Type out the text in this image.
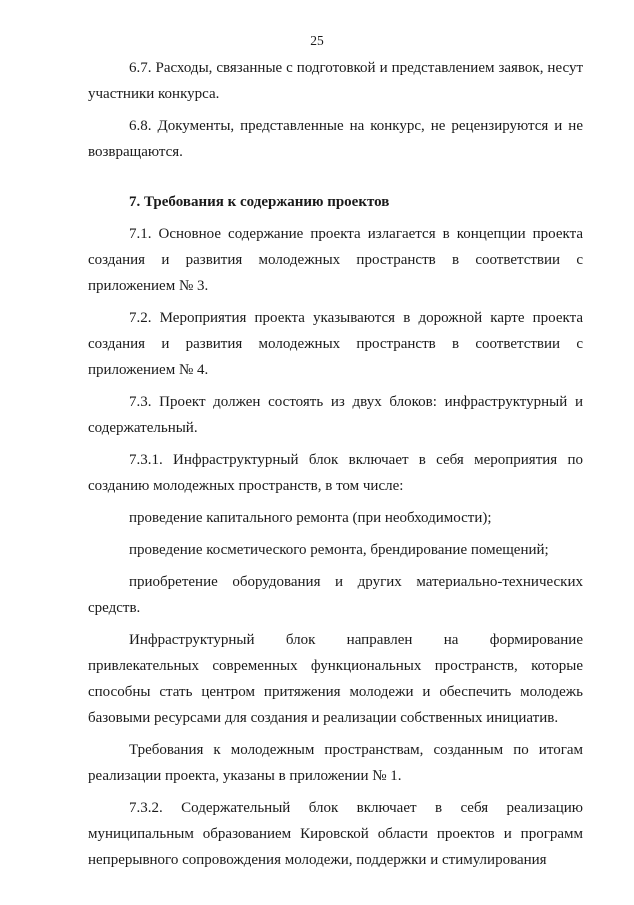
25

6.7. Расходы, связанные с подготовкой и представлением заявок, несут участники конкурса.

6.8. Документы, представленные на конкурс, не рецензируются и не возвращаются.

7. Требования к содержанию проектов

7.1. Основное содержание проекта излагается в концепции проекта создания и развития молодежных пространств в соответствии с приложением № 3.

7.2. Мероприятия проекта указываются в дорожной карте проекта создания и развития молодежных пространств в соответствии с приложением № 4.

7.3. Проект должен состоять из двух блоков: инфраструктурный и содержательный.

7.3.1. Инфраструктурный блок включает в себя мероприятия по созданию молодежных пространств, в том числе:

проведение капитального ремонта (при необходимости);

проведение косметического ремонта, брендирование помещений;

приобретение оборудования и других материально-технических средств.

Инфраструктурный блок направлен на формирование привлекательных современных функциональных пространств, которые способны стать центром притяжения молодежи и обеспечить молодежь базовыми ресурсами для создания и реализации собственных инициатив.

Требования к молодежным пространствам, созданным по итогам реализации проекта, указаны в приложении № 1.

7.3.2. Содержательный блок включает в себя реализацию муниципальным образованием Кировской области проектов и программ непрерывного сопровождения молодежи, поддержки и стимулирования
